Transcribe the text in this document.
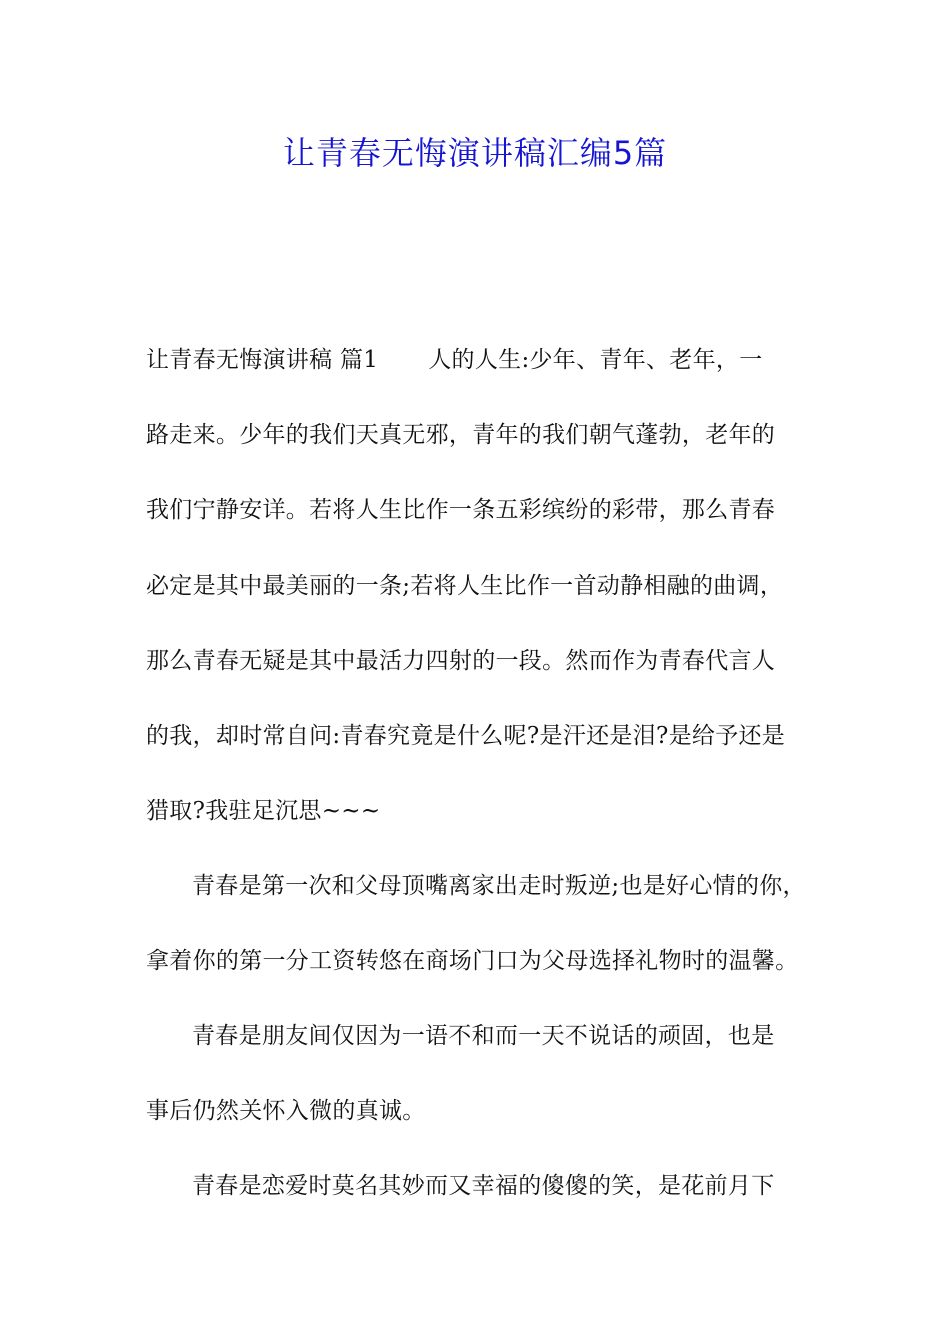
让青春无悔演讲稿汇编5篇
让青春无悔演讲稿 篇1 人的人生:少年、青年、老年，一
路走来。少年的我们天真无邪，青年的我们朝气蓬勃，老年的
我们宁静安详。若将人生比作一条五彩缤纷的彩带，那么青春
必定是其中最美丽的一条;若将人生比作一首动静相融的曲调，
那么青春无疑是其中最活力四射的一段。然而作为青春代言人
的我，却时常自问:青春究竟是什么呢?是汗还是泪?是给予还是
猎取?我驻足沉思~~~
青春是第一次和父母顶嘴离家出走时叛逆;也是好心情的你，
拿着你的第一分工资转悠在商场门口为父母选择礼物时的温馨。
青春是朋友间仅因为一语不和而一天不说话的顽固，也是
事后仍然关怀入微的真诚。
青春是恋爱时莫名其妙而又幸福的傻傻的笑，是花前月下
